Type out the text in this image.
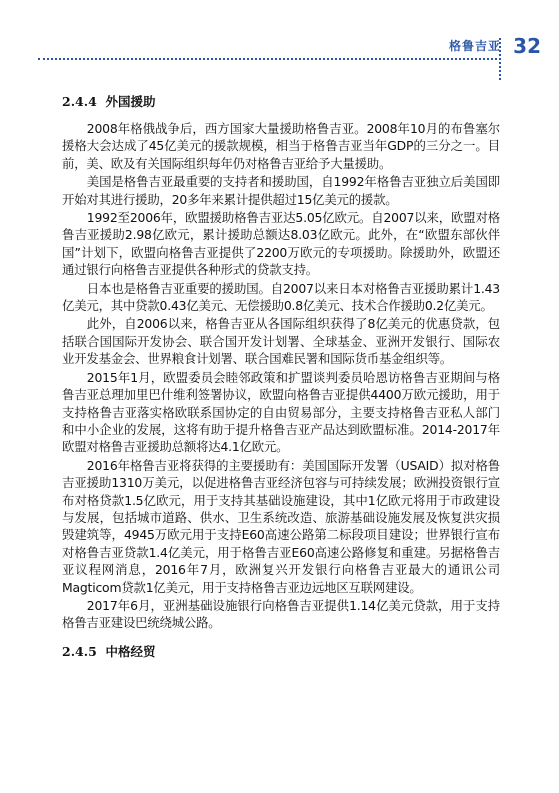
格鲁吉亚 32
2.4.4 外国援助

2008年格俄战争后，西方国家大量援助格鲁吉亚。2008年10月的布鲁塞尔援格大会达成了45亿美元的援款规模，相当于格鲁吉亚当年GDP的三分之一。目前，美、欧及有关国际组织每年仍对格鲁吉亚给予大量援助。

美国是格鲁吉亚最重要的支持者和援助国，自1992年格鲁吉亚独立后美国即开始对其进行援助，20多年来累计提供超过15亿美元的援款。

1992至2006年，欧盟援助格鲁吉亚达5.05亿欧元。自2007以来，欧盟对格鲁吉亚援助2.98亿欧元，累计援助总额达8.03亿欧元。此外，在“欧盟东部伙伴国”计划下，欧盟向格鲁吉亚提供了2200万欧元的专项援助。除援助外，欧盟还通过银行向格鲁吉亚提供各种形式的贷款支持。

日本也是格鲁吉亚重要的援助国。自2007以来日本对格鲁吉亚援助累计1.43亿美元，其中贷款0.43亿美元、无偿援助0.8亿美元、技术合作援助0.2亿美元。

此外，自2006以来，格鲁吉亚从各国际组织获得了8亿美元的优惠贷款，包括联合国国际开发协会、联合国开发计划署、全球基金、亚洲开发银行、国际农业开发基金会、世界粮食计划署、联合国难民署和国际货币基金组织等。

2015年1月，欧盟委员会睦邻政策和扩盟谈判委员哈恩访格鲁吉亚期间与格鲁吉亚总理加里巴什维利签署协议，欧盟向格鲁吉亚提供4400万欧元援助，用于支持格鲁吉亚落实格欧联系国协定的自由贸易部分，主要支持格鲁吉亚私人部门和中小企业的发展，这将有助于提升格鲁吉亚产品达到欧盟标准。2014-2017年欧盟对格鲁吉亚援助总额将达4.1亿欧元。

2016年格鲁吉亚将获得的主要援助有：美国国际开发署（USAID）拟对格鲁吉亚援助1310万美元，以促进格鲁吉亚经济包容与可持续发展；欧洲投资银行宣布对格贷款1.5亿欧元，用于支持其基础设施建设，其中1亿欧元将用于市政建设与发展，包括城市道路、供水、卫生系统改造、旅游基础设施发展及恢复洪灾损毁建筑等，4945万欧元用于支持E60高速公路第二标段项目建设；世界银行宣布对格鲁吉亚贷款1.4亿美元，用于格鲁吉亚E60高速公路修复和重建。另据格鲁吉亚议程网消息，2016年7月，欧洲复兴开发银行向格鲁吉亚最大的通讯公司Magticom贷款1亿美元，用于支持格鲁吉亚边远地区互联网建设。

2017年6月，亚洲基础设施银行向格鲁吉亚提供1.14亿美元贷款，用于支持格鲁吉亚建设巴统绕城公路。

2.4.5 中格经贸
